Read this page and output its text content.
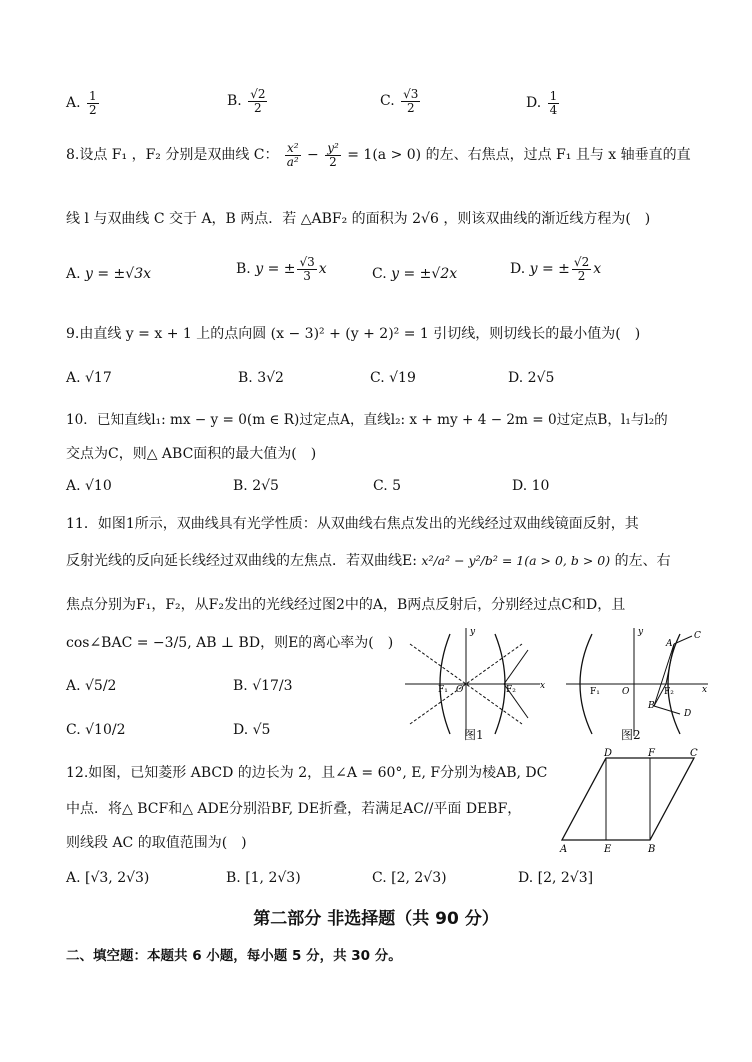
A. $\frac{1}{2}$	B. $\frac{√2}{2}$	C. $\frac{√3}{2}$	D. $\frac{1}{4}$
8.设点 F₁ ，F₂ 分别是双曲线 C： $\frac{\text{x²}}{\text{a²}} - \frac{\text{y²}}{2} = 1(a > 0)$ 的左、右焦点，过点 F₁ 且与 x 轴垂直的直
线 l 与双曲线 C 交于 A，B 两点．若 △ABF₂ 的面积为 2√6 ，则该双曲线的渐近线方程为(　)
A. y = ±√3x	B. y = ± $\frac{√3}{3}$ x	C. y = ±√2x	D. y = ± $\frac{√2}{2}$ x
9.由直线 y = x + 1 上的点向圆 (x − 3)² + (y + 2)² = 1 引切线，则切线长的最小值为(　)
A. √17	B. 3√2	C. √19	D. 2√5
10．已知直线l₁: mx − y = 0(m ∈ R)过定点A，直线l₂: x + my + 4 − 2m = 0过定点B，l₁与l₂的
交点为C，则△ ABC面积的最大值为(　)
A. √10	B. 2√5	C. 5	D. 10
11．如图1所示，双曲线具有光学性质：从双曲线右焦点发出的光线经过双曲线镜面反射，其
反射光线的反向延长线经过双曲线的左焦点．若双曲线E: x²/a² − y²/b² = 1(a > 0, b > 0) 的左、右
焦点分别为F₁，F₂，从F₂发出的光线经过图2中的A，B两点反射后，分别经过点C和D，且
cos∠BAC = −3/5, AB ⊥ BD，则E的离心率为(　)
A. √5/2	B. √17/3
C. √10/2	D. √5
F₁ O	F₂	x
y
图1
F₁ O	F₂
A
B
C
D
y
x
图2
12.如图，已知菱形 ABCD 的边长为 2，且∠A = 60°, E, F分别为棱AB, DC
中点．将△ BCF和△ ADE分别沿BF, DE折叠，若满足AC//平面 DEBF，
则线段 AC 的取值范围为(　)
A. [√3, 2√3)	B. [1, 2√3)	C. [2, 2√3)	D. [2, 2√3]
D	F	C
A	E	B
第二部分 非选择题（共 90 分）
二、填空题：本题共 6 小题，每小题 5 分，共 30 分。
